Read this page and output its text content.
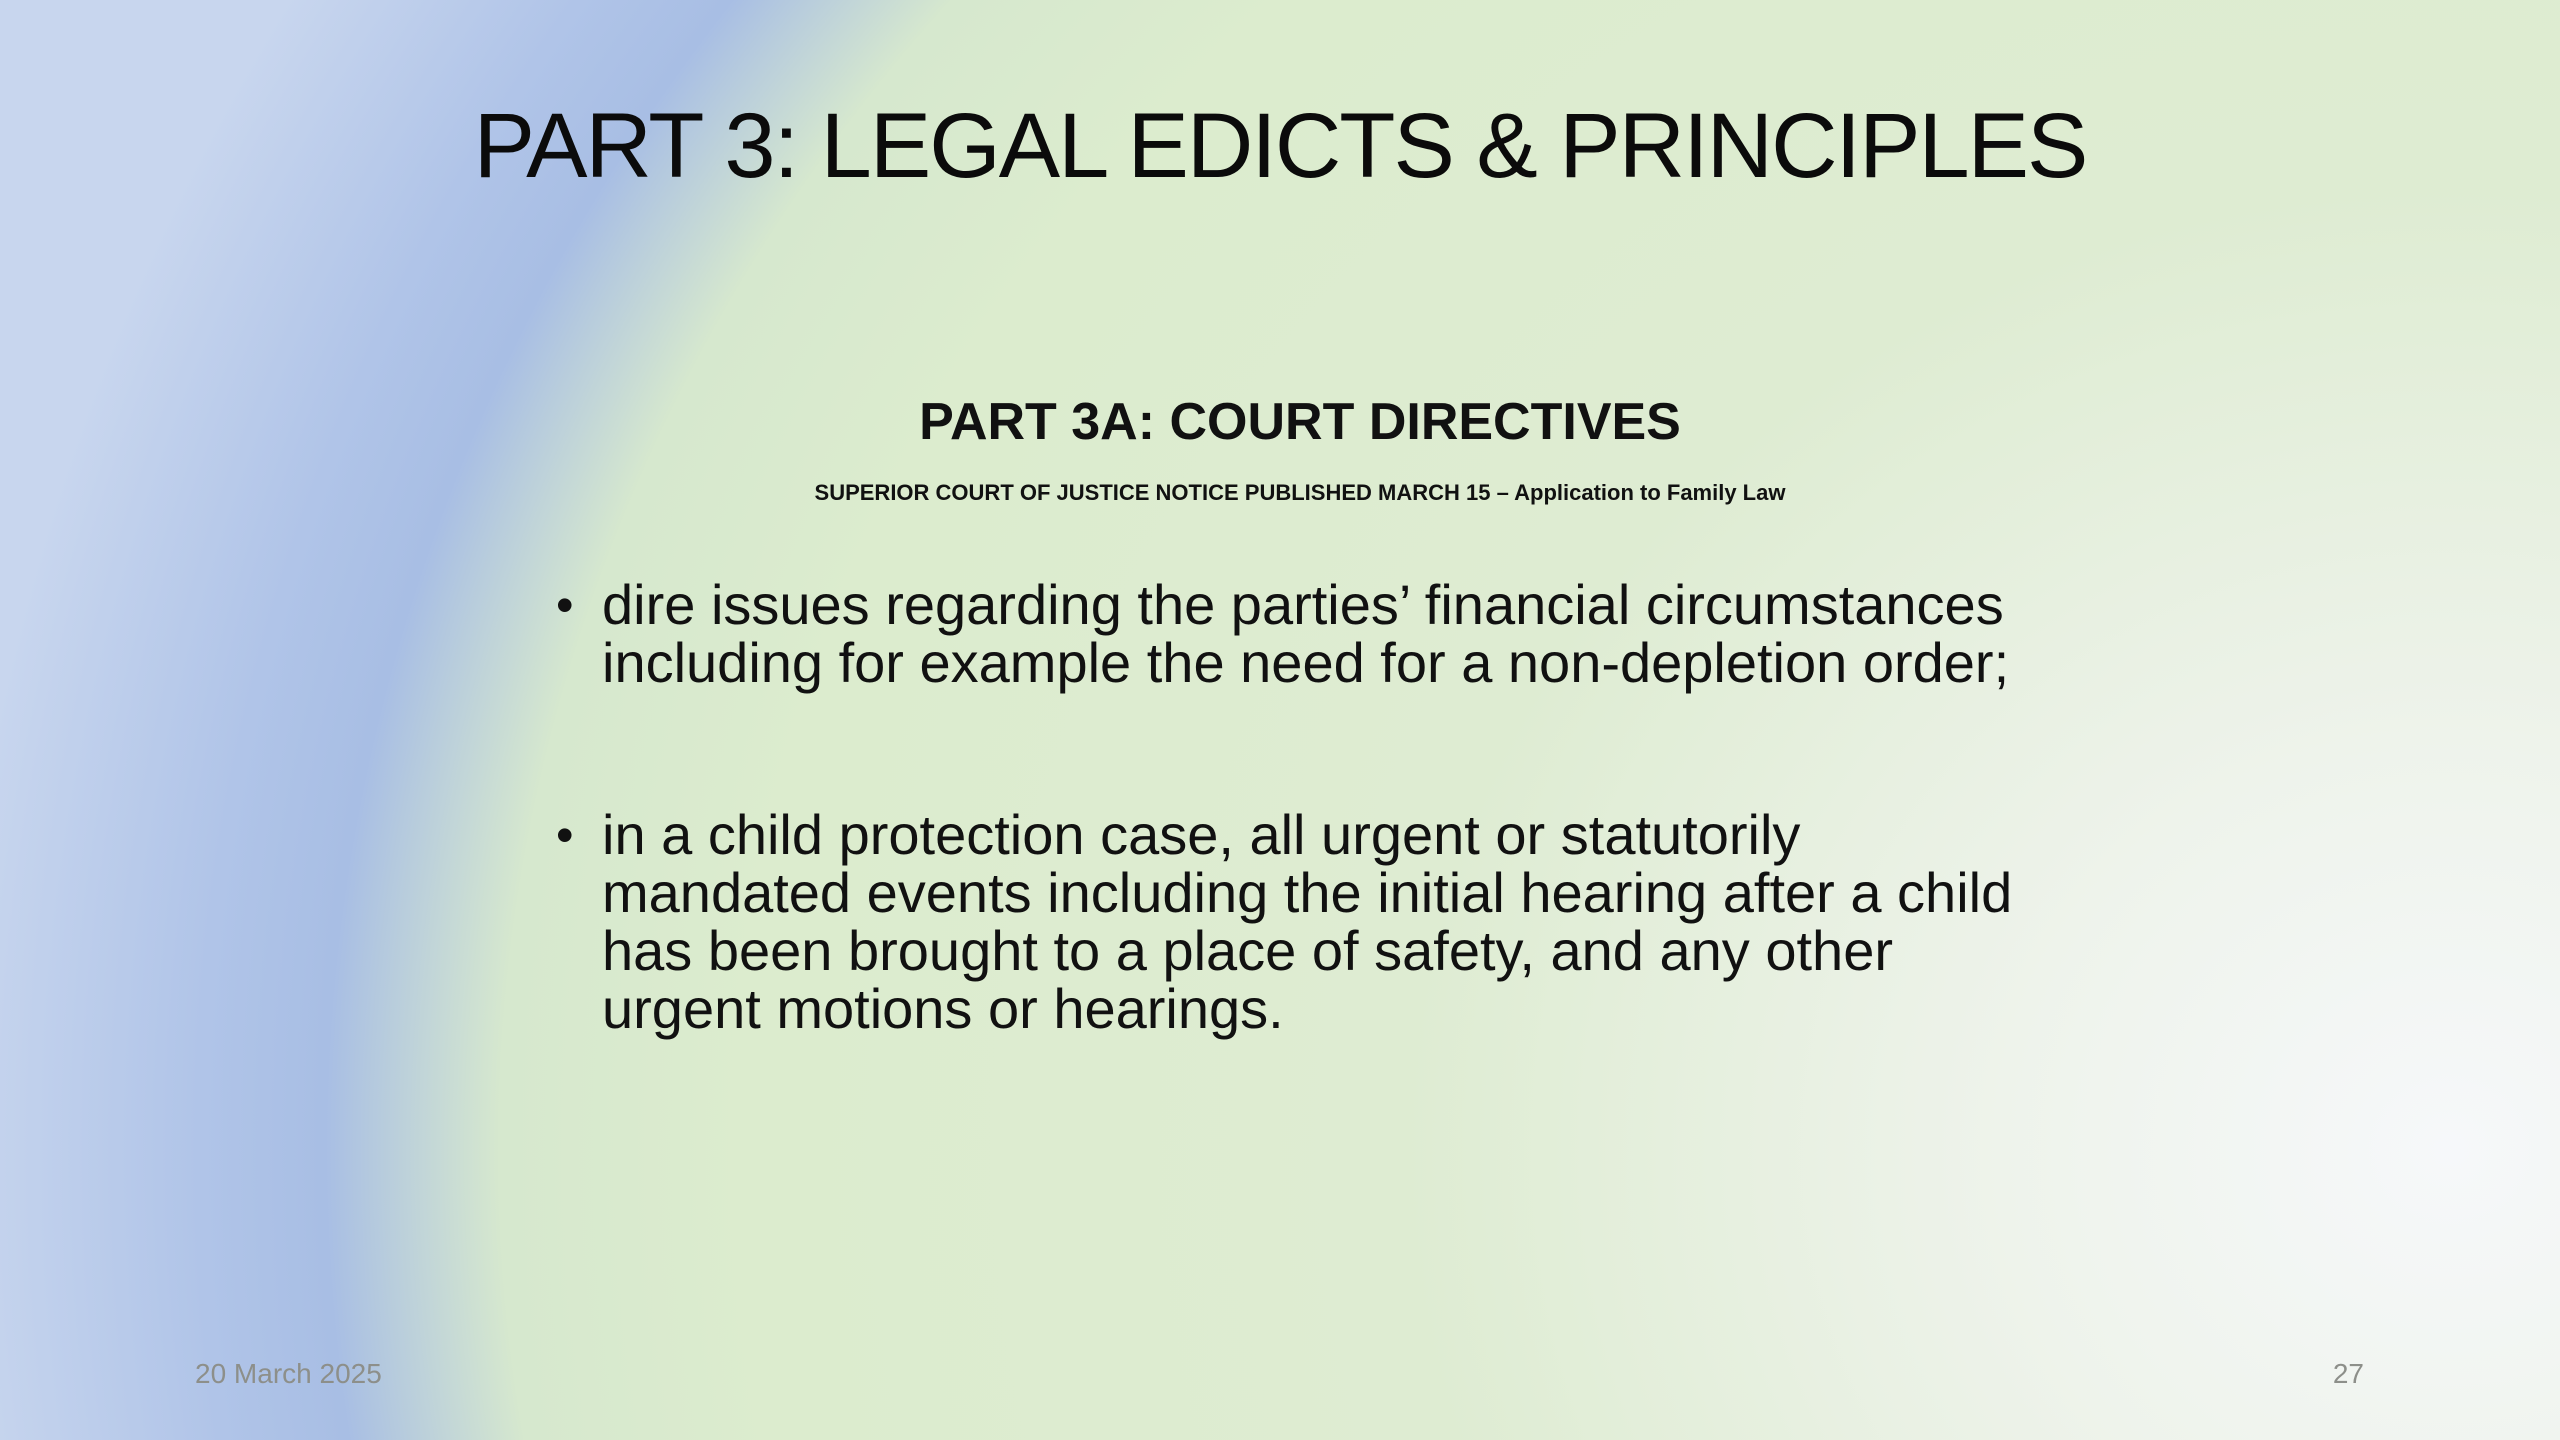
PART 3: LEGAL EDICTS & PRINCIPLES
PART 3A: COURT DIRECTIVES
SUPERIOR COURT OF JUSTICE NOTICE PUBLISHED MARCH 15 – Application to Family Law
• dire issues regarding the parties’ financial circumstances including for example the need for a non-depletion order;
• in a child protection case, all urgent or statutorily mandated events including the initial hearing after a child has been brought to a place of safety, and any other urgent motions or hearings.
20 March 2025	27
